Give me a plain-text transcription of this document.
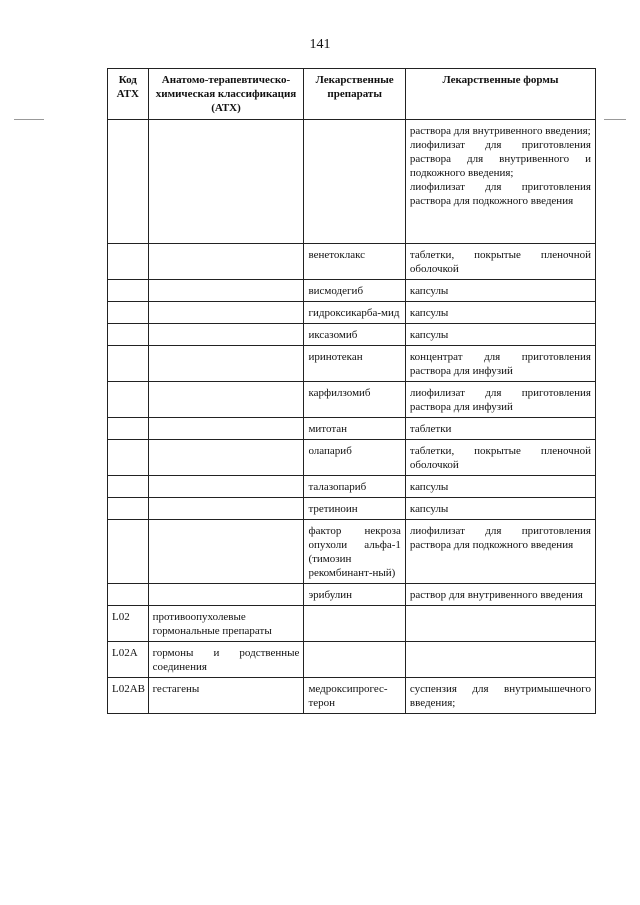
141
Код АТХ	Анатомо-терапевтическо-химическая классификация (АТХ)	Лекарственные препараты	Лекарственные формы

			раствора для внутривенного введения;
лиофилизат для приготовления раствора для внутривенного и подкожного введения;
лиофилизат для приготовления раствора для подкожного введения

		венетоклакс	таблетки, покрытые пленочной оболочкой
		висмодегиб	капсулы
		гидроксикарба-мид	капсулы
		иксазомиб	капсулы
		иринотекан	концентрат для приготовления раствора для инфузий
		карфилзомиб	лиофилизат для приготовления раствора для инфузий
		митотан	таблетки
		олапариб	таблетки, покрытые пленочной оболочкой
		талазопариб	капсулы
		третиноин	капсулы
		фактор некроза опухоли альфа-1 (тимозин рекомбинант-ный)	лиофилизат для приготовления раствора для подкожного введения
		эрибулин	раствор для внутривенного введения
L02	противоопухолевые гормональные препараты		
L02A	гормоны и родственные соединения		
L02AB	гестагены	медроксипрогес-терон	суспензия для внутримышечного введения;
